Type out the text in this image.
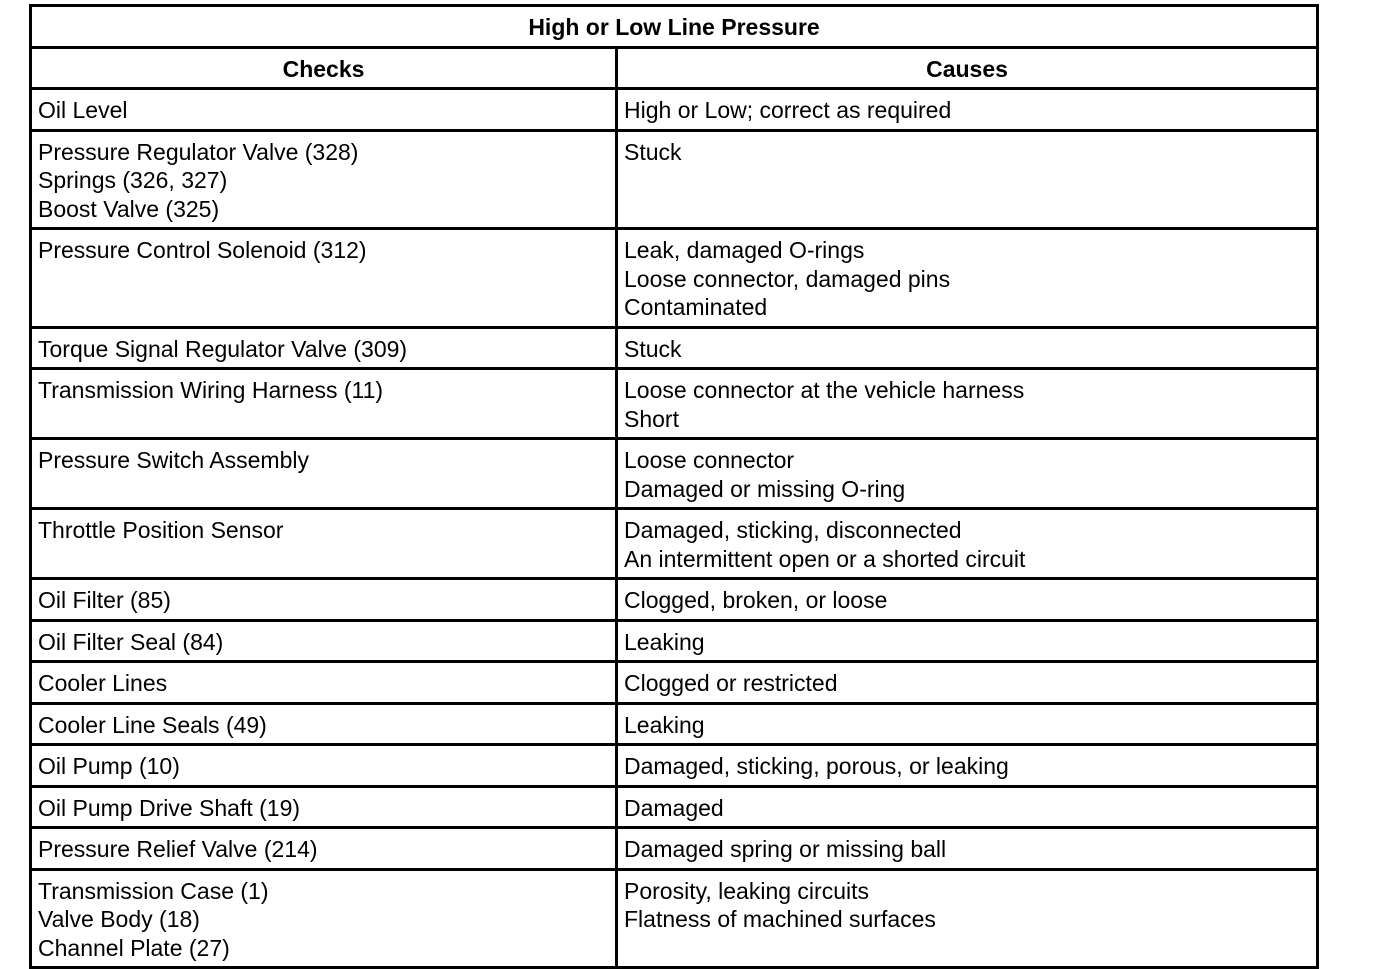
High or Low Line Pressure	
Checks	Causes

Oil Level	High or Low; correct as required

Pressure Regulator Valve (328)
Springs (326, 327)
Boost Valve (325)	Stuck

Pressure Control Solenoid (312)	Leak, damaged O-rings
Loose connector, damaged pins
Contaminated

Torque Signal Regulator Valve (309)	Stuck

Transmission Wiring Harness (11)	Loose connector at the vehicle harness
Short

Pressure Switch Assembly	Loose connector
Damaged or missing O-ring

Throttle Position Sensor	Damaged, sticking, disconnected
An intermittent open or a shorted circuit

Oil Filter (85)	Clogged, broken, or loose

Oil Filter Seal (84)	Leaking

Cooler Lines	Clogged or restricted

Cooler Line Seals (49)	Leaking

Oil Pump (10)	Damaged, sticking, porous, or leaking

Oil Pump Drive Shaft (19)	Damaged

Pressure Relief Valve (214)	Damaged spring or missing ball

Transmission Case (1)
Valve Body (18)
Channel Plate (27)	Porosity, leaking circuits
Flatness of machined surfaces
